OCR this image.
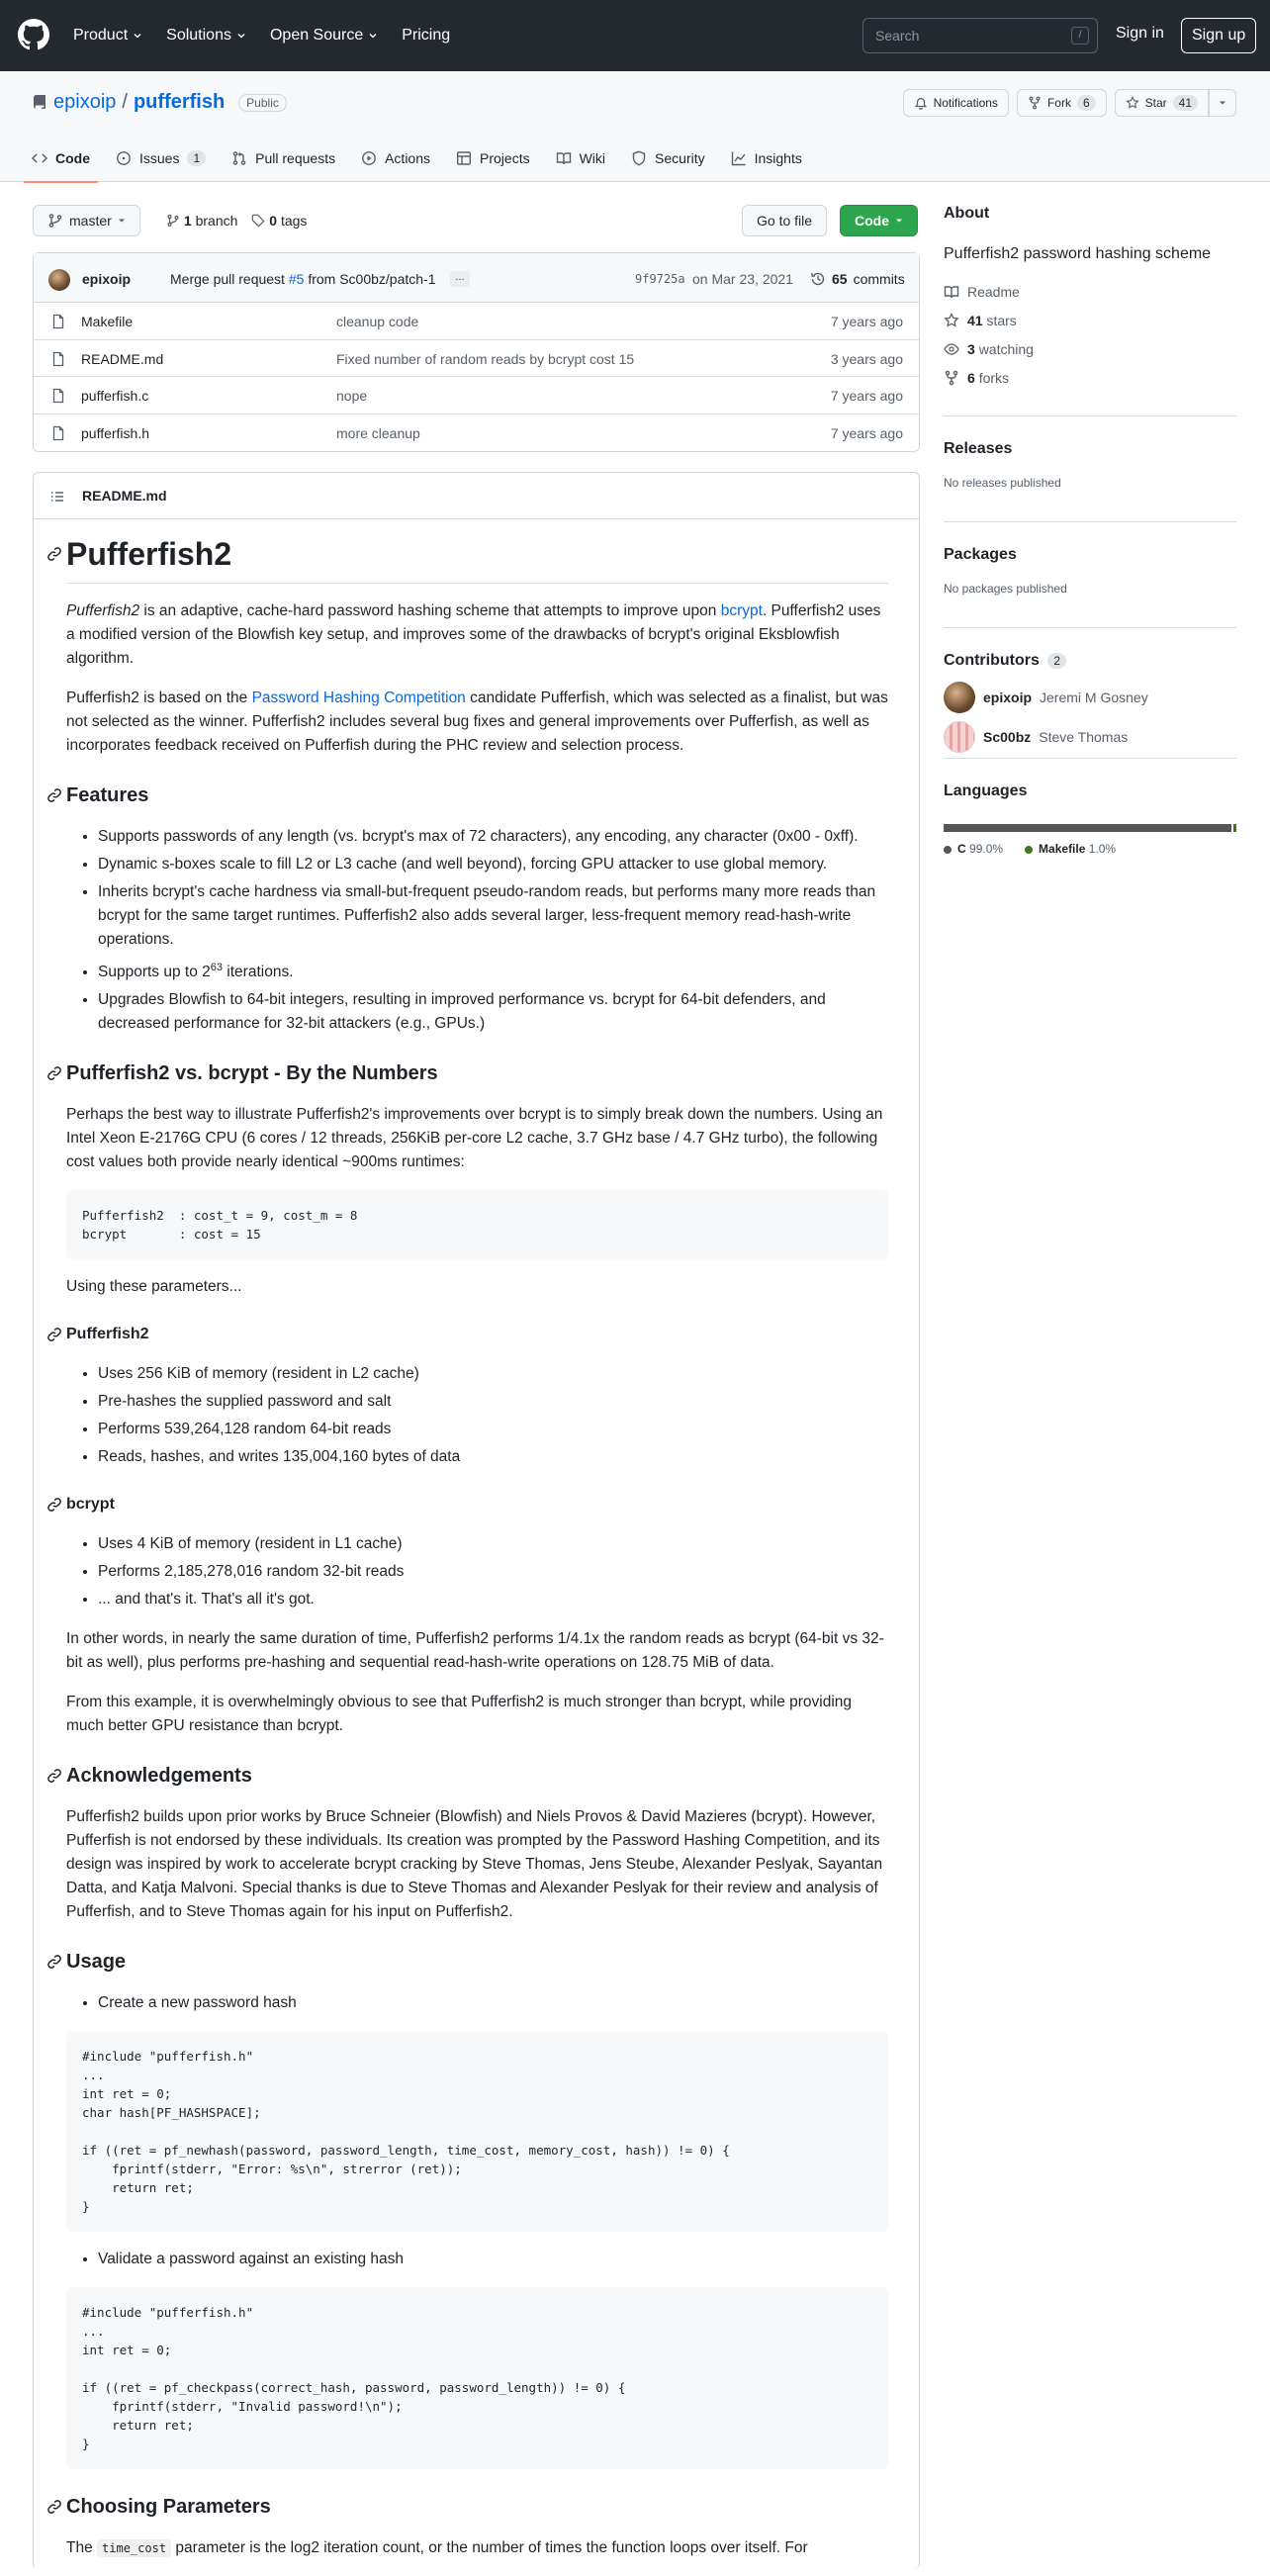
Product Solutions Open Source Pricing	Search	/	Sign in	Sign up
epixoip / pufferfish	Public	Notifications	Fork	6	Star	41
Code	Issues	1	Pull requests	Actions	Projects	Wiki	Security	Insights
master	1 branch	0 tags	Go to file	Code
epixoip	Merge pull request #5 from Sc00bz/patch-1	…	9f9725a on Mar 23, 2021	65 commits
Makefile	cleanup code	7 years ago
README.md	Fixed number of random reads by bcrypt cost 15	3 years ago
pufferfish.c	nope	7 years ago
pufferfish.h	more cleanup	7 years ago
README.md
Pufferfish2

Pufferfish2 is an adaptive, cache-hard password hashing scheme that attempts to improve upon bcrypt. Pufferfish2 uses a modified version of the Blowfish key setup, and improves some of the drawbacks of bcrypt's original Eksblowfish algorithm.

Pufferfish2 is based on the Password Hashing Competition candidate Pufferfish, which was selected as a finalist, but was not selected as the winner. Pufferfish2 includes several bug fixes and general improvements over Pufferfish, as well as incorporates feedback received on Pufferfish during the PHC review and selection process.

Features
• Supports passwords of any length (vs. bcrypt's max of 72 characters), any encoding, any character (0x00 - 0xff).
• Dynamic s-boxes scale to fill L2 or L3 cache (and well beyond), forcing GPU attacker to use global memory.
• Inherits bcrypt's cache hardness via small-but-frequent pseudo-random reads, but performs many more reads than bcrypt for the same target runtimes. Pufferfish2 also adds several larger, less-frequent memory read-hash-write operations.
• Supports up to $2^{63}$ iterations.
• Upgrades Blowfish to 64-bit integers, resulting in improved performance vs. bcrypt for 64-bit defenders, and decreased performance for 32-bit attackers (e.g., GPUs.)
Pufferfish2 vs. bcrypt - By the Numbers

Perhaps the best way to illustrate Pufferfish2's improvements over bcrypt is to simply break down the numbers. Using an Intel Xeon E-2176G CPU (6 cores / 12 threads, 256KiB per-core L2 cache, 3.7 GHz base / 4.7 GHz turbo), the following cost values both provide nearly identical ~900ms runtimes:

Pufferfish2  : cost_t = 9, cost_m = 8
bcrypt       : cost = 15

Using these parameters...

Pufferfish2
• Uses 256 KiB of memory (resident in L2 cache)
• Pre-hashes the supplied password and salt
• Performs 539,264,128 random 64-bit reads
• Reads, hashes, and writes 135,004,160 bytes of data
bcrypt
• Uses 4 KiB of memory (resident in L1 cache)
• Performs 2,185,278,016 random 32-bit reads
• ... and that's it. That's all it's got.

In other words, in nearly the same duration of time, Pufferfish2 performs 1/4.1x the random reads as bcrypt (64-bit vs 32-bit as well), plus performs pre-hashing and sequential read-hash-write operations on 128.75 MiB of data.

From this example, it is overwhelmingly obvious to see that Pufferfish2 is much stronger than bcrypt, while providing much better GPU resistance than bcrypt.

Acknowledgements

Pufferfish2 builds upon prior works by Bruce Schneier (Blowfish) and Niels Provos & David Mazieres (bcrypt). However, Pufferfish is not endorsed by these individuals. Its creation was prompted by the Password Hashing Competition, and its design was inspired by work to accelerate bcrypt cracking by Steve Thomas, Jens Steube, Alexander Peslyak, Sayantan Datta, and Katja Malvoni. Special thanks is due to Steve Thomas and Alexander Peslyak for their review and analysis of Pufferfish, and to Steve Thomas again for his input on Pufferfish2.

Usage
• Create a new password hash
#include "pufferfish.h"
...
int ret = 0;
char hash[PF_HASHSPACE];

if ((ret = pf_newhash(password, password_length, time_cost, memory_cost, hash)) != 0) {
fprintf(stderr, "Error: %s\n", strerror (ret));
return ret;
}
• Validate a password against an existing hash
#include "pufferfish.h"
...
int ret = 0;

if ((ret = pf_checkpass(correct_hash, password, password_length)) != 0) {
fprintf(stderr, "Invalid password!\n");
return ret;
}
Choosing Parameters

The time_cost parameter is the log2 iteration count, or the number of times the function loops over itself. For

About
Pufferfish2 password hashing scheme
Readme
41 stars
3 watching
6 forks
Releases
No releases published
Packages
No packages published
Contributors 2
epixoip Jeremi M Gosney
Sc00bz Steve Thomas
Languages
C 99.0%	Makefile 1.0%
